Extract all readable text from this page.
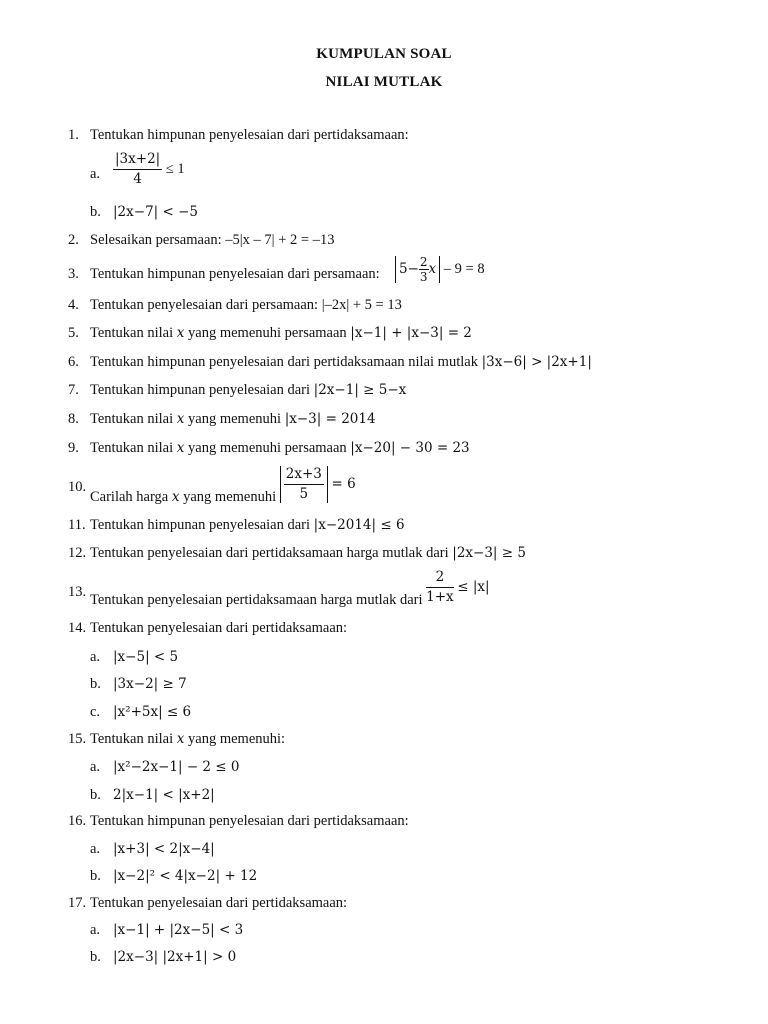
KUMPULAN SOAL
NILAI MUTLAK
1. Tentukan himpunan penyelesaian dari pertidaksamaan:
a. $\frac{|3x+2|}{4} \le 1$
b. |2x−7| < −5
2. Selesaikan persamaan: –5|x – 7| + 2 = –13
3. Tentukan himpunan penyelesaian dari persamaan: $5- \frac{2}{3}$ x – 9 = 8
4. Tentukan penyelesaian dari persamaan: |–2x| + 5 = 13
5. Tentukan nilai x yang memenuhi persamaan |x−1| + |x−3| = 2
6. Tentukan himpunan penyelesaian dari pertidaksamaan nilai mutlak |3x−6| > |2x+1|
7. Tentukan himpunan penyelesaian dari |2x−1| ≥ 5−x
8. Tentukan nilai x yang memenuhi |x−3| = 2014
9. Tentukan nilai x yang memenuhi persamaan |x−20| − 30 = 23
10.
Carilah harga x yang memenuhi $\frac{2x+3}{5} = 6$
11. Tentukan himpunan penyelesaian dari |x−2014| ≤ 6
12. Tentukan penyelesaian dari pertidaksamaan harga mutlak dari |2x−3| ≥ 5
13. Tentukan penyelesaian pertidaksamaan harga mutlak dari $\frac{2}{1+x} \le |x|$
14. Tentukan penyelesaian dari pertidaksamaan:
a. |x−5| < 5
b. |3x−2| ≥ 7
c. |x²+5x| ≤ 6
15. Tentukan nilai x yang memenuhi:
a. |x²−2x−1| − 2 ≤ 0
b. 2|x−1| < |x+2|
16. Tentukan himpunan penyelesaian dari pertidaksamaan:
a. |x+3| < 2|x−4|
b. |x−2|² < 4|x−2| + 12
17. Tentukan penyelesaian dari pertidaksamaan:
a. |x−1| + |2x−5| < 3
b. |2x−3| |2x+1| > 0
